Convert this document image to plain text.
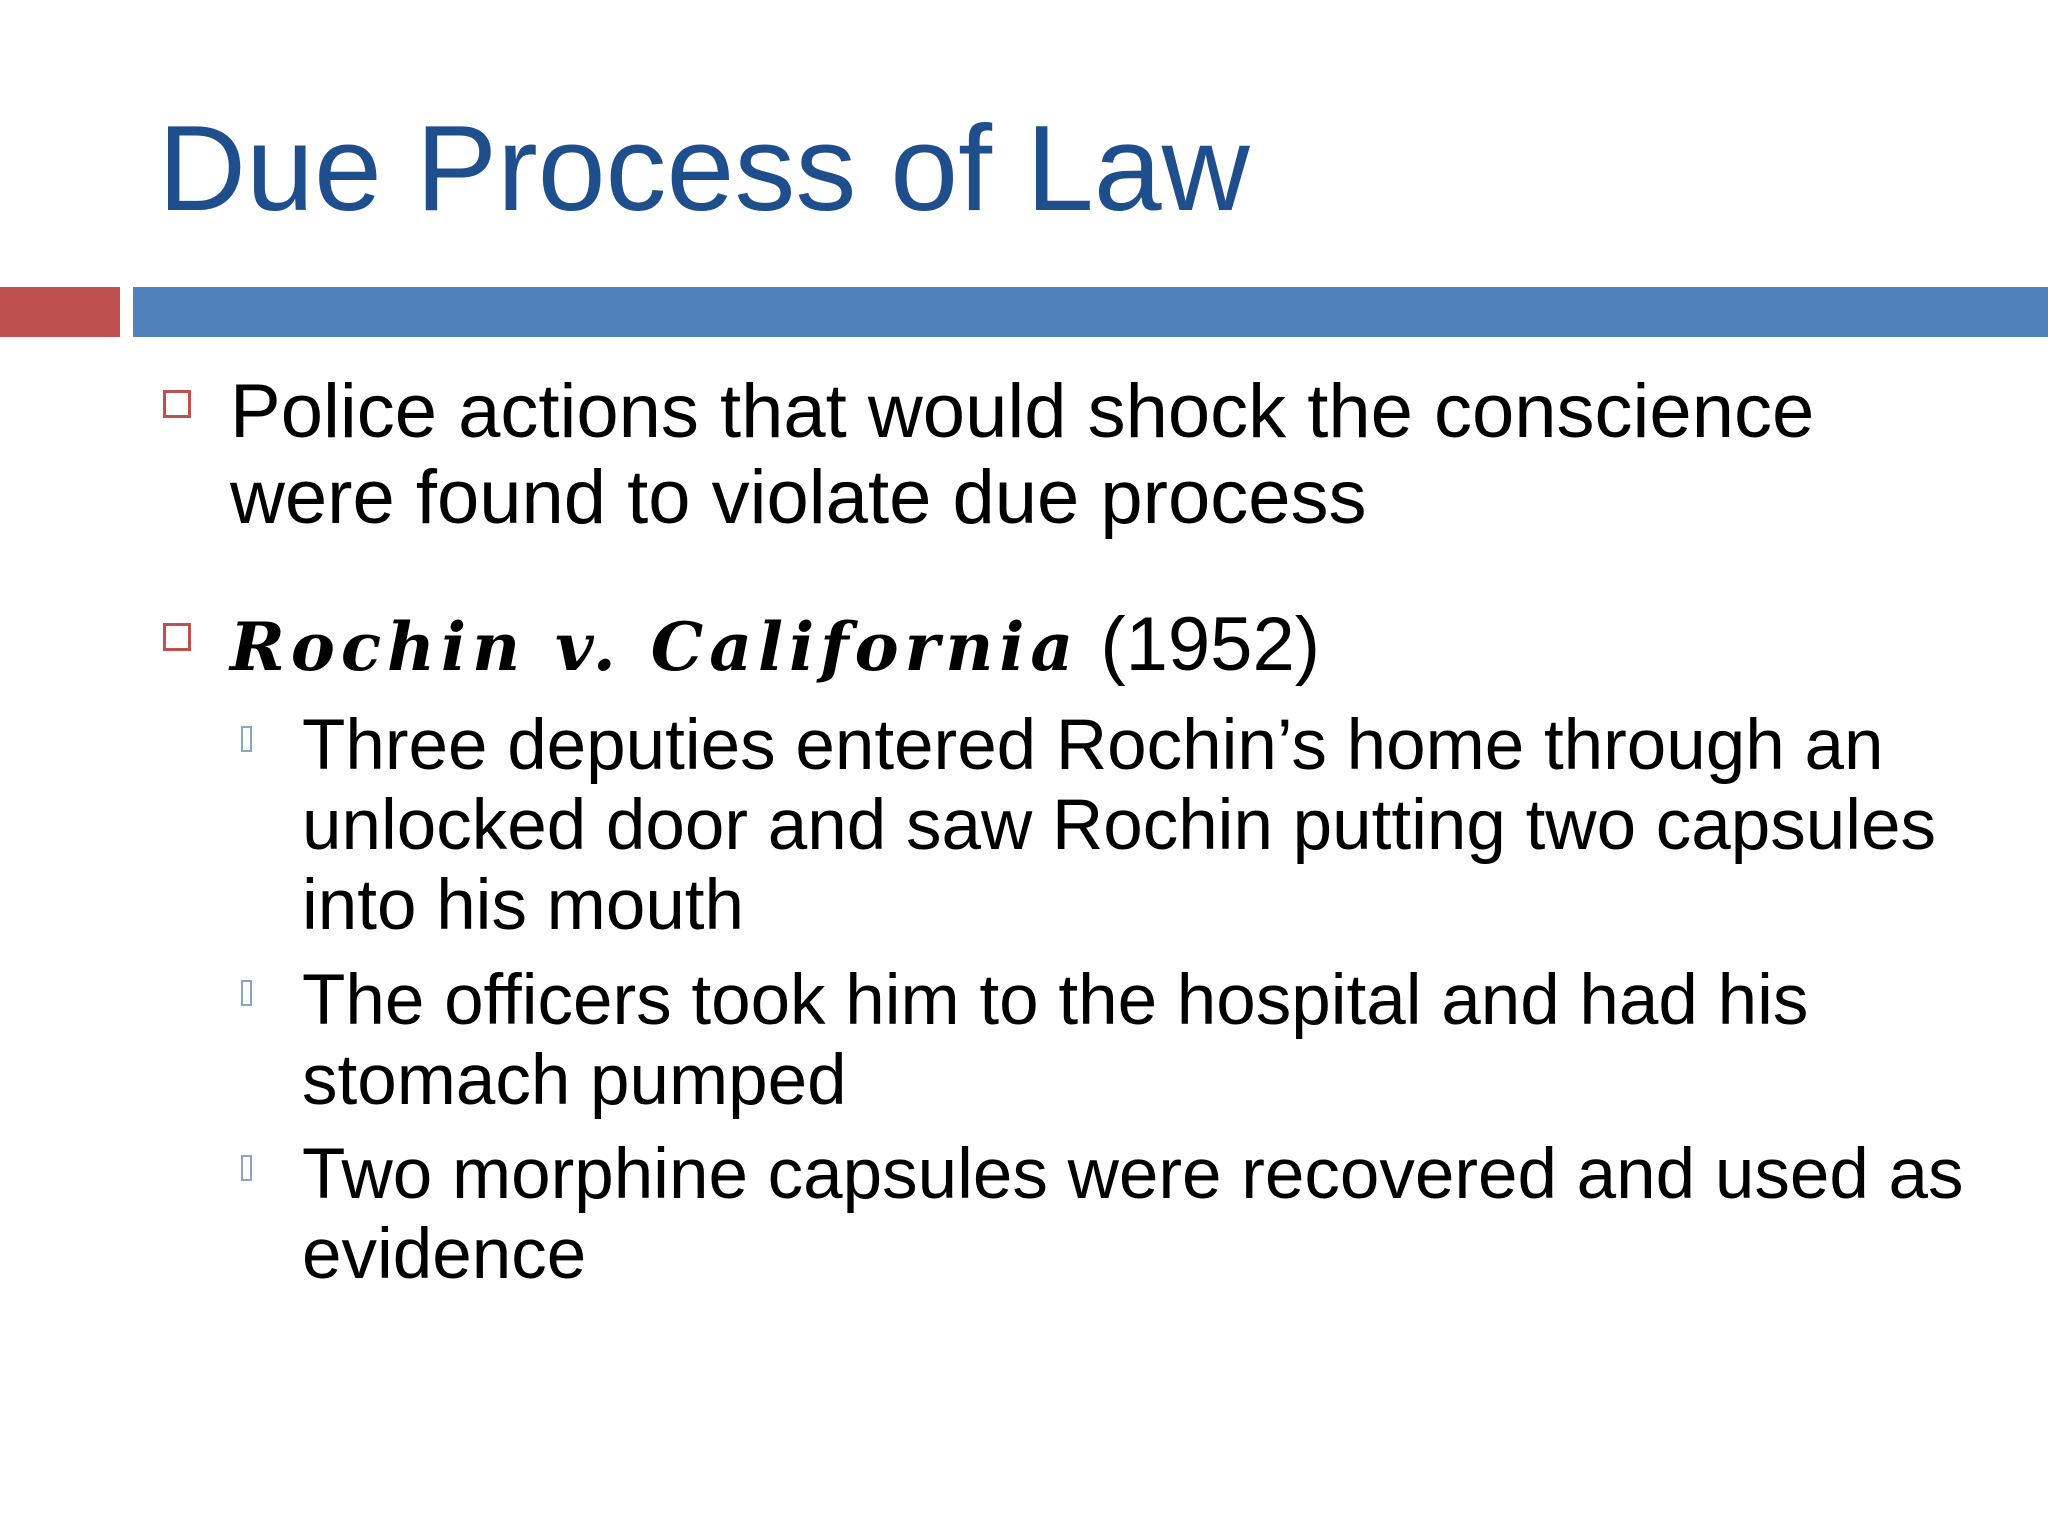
Due Process of Law
Police actions that would shock the conscience were found to violate due process
Rochin v. California (1952)
Three deputies entered Rochin’s home through an unlocked door and saw Rochin putting two capsules into his mouth
The officers took him to the hospital and had his stomach pumped
Two morphine capsules were recovered and used as evidence
